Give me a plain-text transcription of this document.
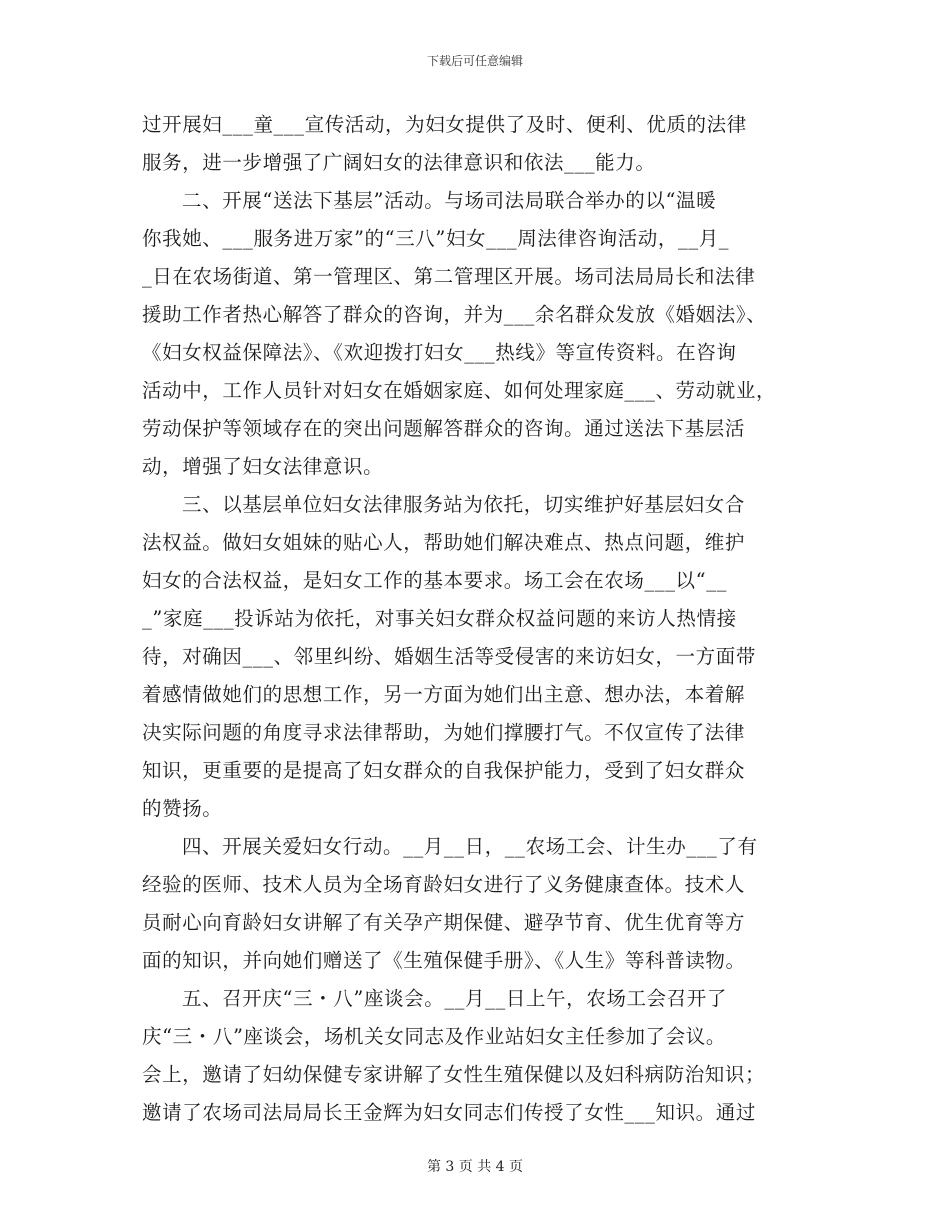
下载后可任意编辑
过开展妇___童___宣传活动，为妇女提供了及时、便利、优质的法律
服务，进一步增强了广阔妇女的法律意识和依法___能力。
二、开展“送法下基层”活动。与场司法局联合举办的以“温暖
你我她、___服务进万家”的“三八”妇女___周法律咨询活动，__月_
_日在农场街道、第一管理区、第二管理区开展。场司法局局长和法律
援助工作者热心解答了群众的咨询，并为___余名群众发放《婚姻法》、
《妇女权益保障法》、《欢迎拨打妇女___热线》等宣传资料。在咨询
活动中，工作人员针对妇女在婚姻家庭、如何处理家庭___、劳动就业，
劳动保护等领域存在的突出问题解答群众的咨询。通过送法下基层活
动，增强了妇女法律意识。
三、以基层单位妇女法律服务站为依托，切实维护好基层妇女合
法权益。做妇女姐妹的贴心人，帮助她们解决难点、热点问题，维护
妇女的合法权益，是妇女工作的基本要求。场工会在农场___以“__
_”家庭___投诉站为依托，对事关妇女群众权益问题的来访人热情接
待，对确因___、邻里纠纷、婚姻生活等受侵害的来访妇女，一方面带
着感情做她们的思想工作，另一方面为她们出主意、想办法，本着解
决实际问题的角度寻求法律帮助，为她们撑腰打气。不仅宣传了法律
知识，更重要的是提高了妇女群众的自我保护能力，受到了妇女群众
的赞扬。
四、开展关爱妇女行动。__月__日，__农场工会、计生办___了有
经验的医师、技术人员为全场育龄妇女进行了义务健康查体。技术人
员耐心向育龄妇女讲解了有关孕产期保健、避孕节育、优生优育等方
面的知识，并向她们赠送了《生殖保健手册》、《人生》等科普读物。
五、召开庆“三・八”座谈会。__月__日上午，农场工会召开了
庆“三・八”座谈会，场机关女同志及作业站妇女主任参加了会议。
会上，邀请了妇幼保健专家讲解了女性生殖保健以及妇科病防治知识；
邀请了农场司法局局长王金辉为妇女同志们传授了女性___知识。通过
第 3 页 共 4 页
